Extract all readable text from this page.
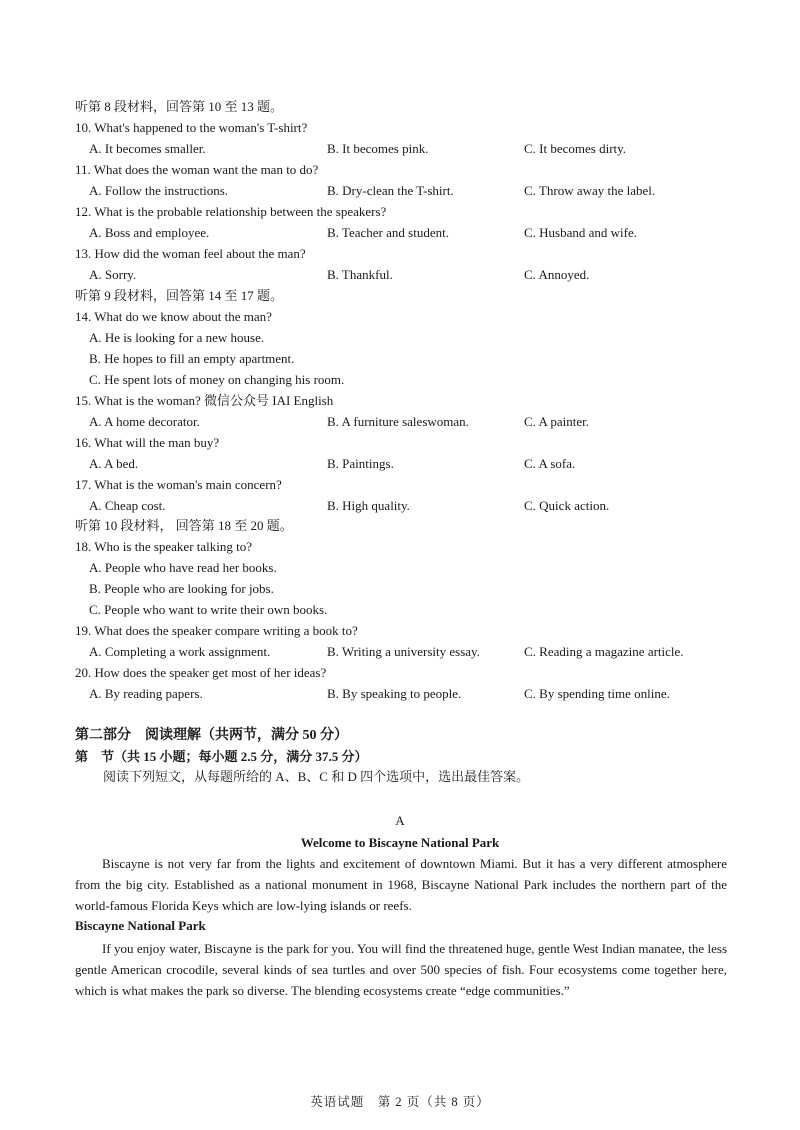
听第 8 段材料，回答第 10 至 13 题。
10. What's happened to the woman's T-shirt?
A. It becomes smaller.	B. It becomes pink.	C. It becomes dirty.
11. What does the woman want the man to do?
A. Follow the instructions.	B. Dry-clean the T-shirt.	C. Throw away the label.
12. What is the probable relationship between the speakers?
A. Boss and employee.	B. Teacher and student.	C. Husband and wife.
13. How did the woman feel about the man?
A. Sorry.	B. Thankful.	C. Annoyed.
听第 9 段材料，回答第 14 至 17 题。
14. What do we know about the man?
A. He is looking for a new house.
B. He hopes to fill an empty apartment.
C. He spent lots of money on changing his room.
15. What is the woman? 微信公众号 IAI English
A. A home decorator.	B. A furniture saleswoman.	C. A painter.
16. What will the man buy?
A. A bed.	B. Paintings.	C. A sofa.
17. What is the woman's main concern?
A. Cheap cost.	B. High quality.	C. Quick action.
听第 10 段材料， 回答第 18 至 20 题。
18. Who is the speaker talking to?
A. People who have read her books.
B. People who are looking for jobs.
C. People who want to write their own books.
19. What does the speaker compare writing a book to?
A. Completing a work assignment.	B. Writing a university essay.	C. Reading a magazine article.
20. How does the speaker get most of her ideas?
A. By reading papers.	B. By speaking to people.	C. By spending time online.
第二部分　阅读理解（共两节，满分 50 分）
第　节（共 15 小题；每小题 2.5 分，满分 37.5 分）
阅读下列短文，从每题所给的 A、B、C 和 D 四个选项中，选出最佳答案。
A
Welcome to Biscayne National Park
Biscayne is not very far from the lights and excitement of downtown Miami. But it has a very different atmosphere from the big city. Established as a national monument in 1968, Biscayne National Park includes the northern part of the world-famous Florida Keys which are low-lying islands or reefs.
Biscayne National Park
If you enjoy water, Biscayne is the park for you. You will find the threatened huge, gentle West Indian manatee, the less gentle American crocodile, several kinds of sea turtles and over 500 species of fish. Four ecosystems come together here, which is what makes the park so diverse. The blending ecosystems create “edge communities.”
英语试题　第 2 页（共 8 页）
